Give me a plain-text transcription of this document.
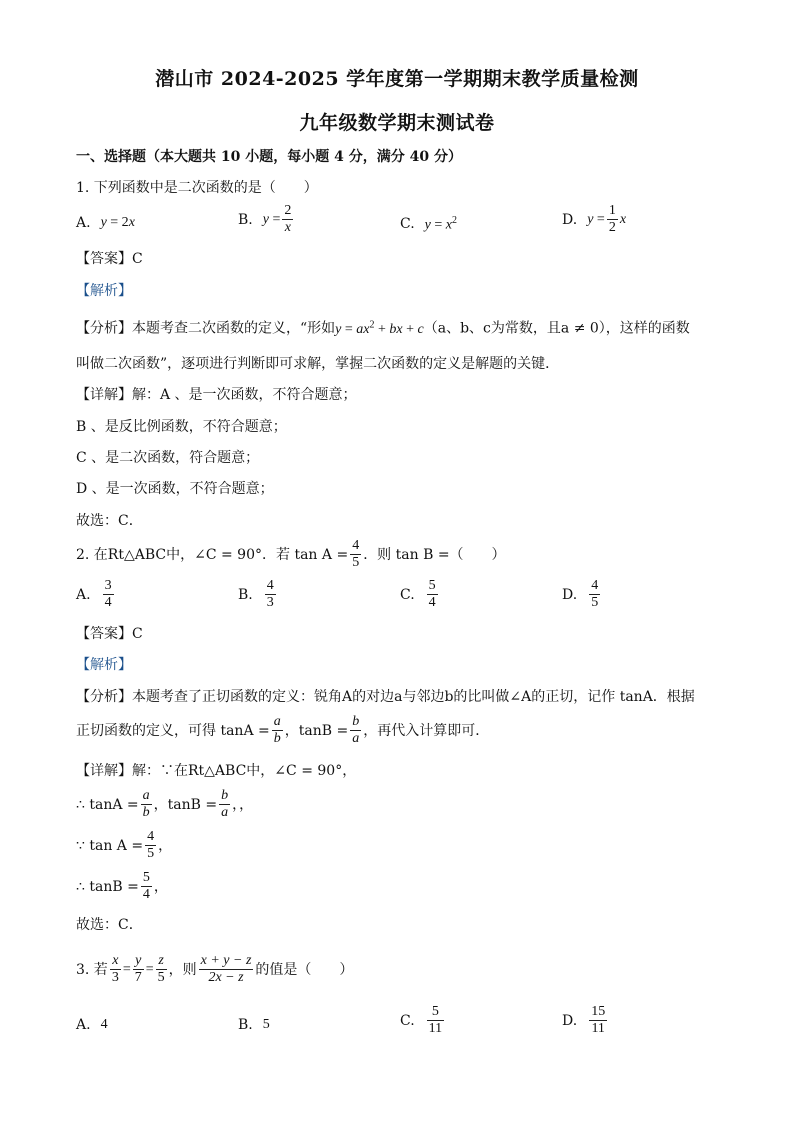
潜山市 2024-2025 学年度第一学期期末教学质量检测
九年级数学期末测试卷
一、选择题（本大题共 10 小题，每小题 4 分，满分 40 分）
1. 下列函数中是二次函数的是（　　）
A. y = 2x	B. $y = \frac{2}{x}$	C. $y = x^2$	D. $y = \frac{1}{2}$ x
【答案】C
【解析】
【分析】本题考查二次函数的定义，“形如$y = ax^2$ + bx + c（a、b、c为常数，且a ≠ 0），这样的函数
叫做二次函数”，逐项进行判断即可求解，掌握二次函数的定义是解题的关键．
【详解】解：A 、是一次函数，不符合题意；
B 、是反比例函数，不符合题意；
C 、是二次函数，符合题意；
D 、是一次函数，不符合题意；
故选：C．
2. 在Rt△ABC中，∠C = 90°．若 $\tan A = \frac{4}{5}$ ．则 tan B =（　　）
A. $\frac{3}{4}$	B. $\frac{4}{3}$	C. $\frac{5}{4}$	D. $\frac{4}{5}$
【答案】C
【解析】
【分析】本题考查了正切函数的定义：锐角A的对边a与邻边b的比叫做∠A的正切，记作 tanA．根据
正切函数的定义，可得 $\tan A = \frac{a}{b}$ ，$\tan B = \frac{b}{a}$ ，再代入计算即可．
【详解】解：∵在Rt△ABC中，∠C = 90°，
∴ $\tan A = \frac{a}{b}$ ，$\tan B = \frac{b}{a}$ ，，
∵ $\tan A = \frac{4}{5}$ ，
∴ $\tan B = \frac{5}{4}$ ，
故选：C．
3. 若 $\frac{x}{3} = \frac{y}{7} = \frac{z}{5}$ ，则 $\frac{x + y - z}{2x - z}$ 的值是（　　）
A. 4	B. 5	C. $\frac{5}{11}$	D. $\frac{15}{11}$
